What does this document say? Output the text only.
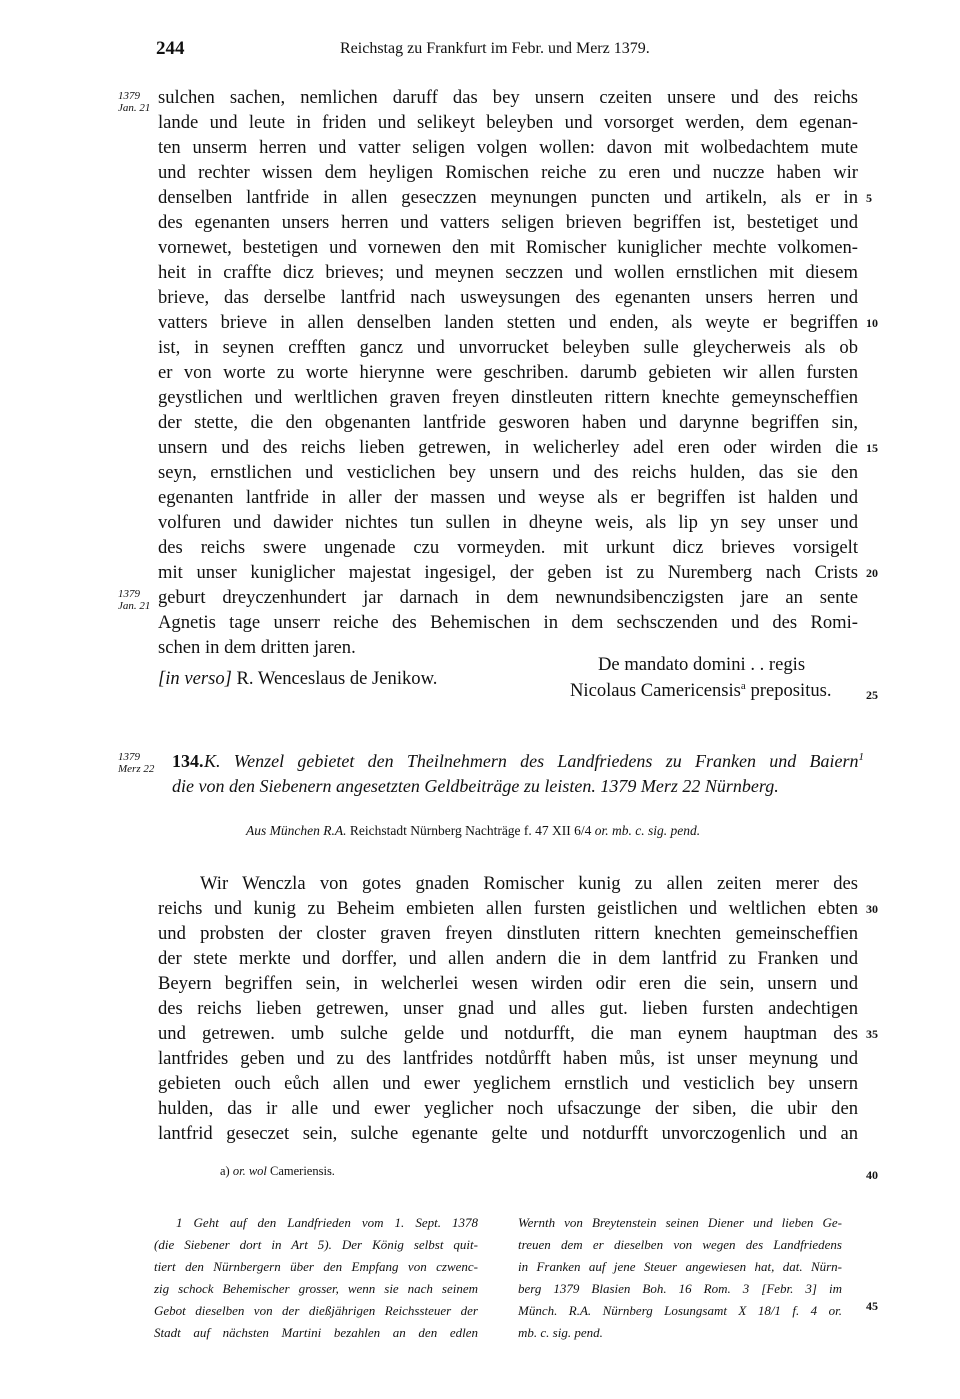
244	Reichstag zu Frankfurt im Febr. und Merz 1379.
1379
Jan. 21
1379
Jan. 21
1379
Merz 22
sulchen sachen, nemlichen daruff das bey unsern czeiten unsere und des reichs
lande und leute in friden und selikeyt beleyben und vorsorget werden, dem egenan-
ten unserm herren und vatter seligen volgen wollen: davon mit wolbedachtem mute
und rechter wissen dem heyligen Romischen reiche zu eren und nuczze haben wir
denselben lantfride in allen geseczzen meynungen puncten und artikeln, als er in
des egenanten unsers herren und vatters seligen brieven begriffen ist, bestetiget und
vornewet, bestetigen und vornewen den mit Romischer kuniglicher mechte volkomen-
heit in craffte dicz brieves; und meynen seczzen und wollen ernstlichen mit diesem
brieve, das derselbe lantfrid nach usweysungen des egenanten unsers herren und
vatters brieve in allen denselben landen stetten und enden, als weyte er begriffen
ist, in seynen crefften gancz und unvorrucket beleyben sulle gleycherweis als ob
er von worte zu worte hierynne were geschriben. darumb gebieten wir allen fursten
geystlichen und werltlichen graven freyen dinstleuten rittern knechte gemeynscheffien
der stette, die den obgenanten lantfride gesworen haben und darynne begriffen sin,
unsern und des reichs lieben getrewen, in welicherley adel eren oder wirden die
seyn, ernstlichen und vesticlichen bey unsern und des reichs hulden, das sie den
egenanten lantfride in aller der massen und weyse als er begriffen ist halden und
volfuren und dawider nichtes tun sullen in dheyne weis, als lip yn sey unser und
des reichs swere ungenade czu vormeyden. mit urkunt dicz brieves vorsigelt
mit unser kuniglicher majestat ingesigel, der geben ist zu Nuremberg nach Crists
geburt dreyczenhundert jar darnach in dem newnundsibenczigsten jare an sente
Agnetis tage unserr reiche des Behemischen in dem sechsczenden und des Romi-
schen in dem dritten jaren.
[in verso] R. Wenceslaus de Jenikow.
De mandato domini . . regis
Nicolaus Camericensis$^a$ prepositus.
134. K. Wenzel gebietet den Theilnehmern des Landfriedens zu Franken und Baiern$^1$
die von den Siebenern angesetzten Geldbeiträge zu leisten. 1379 Merz 22 Nürnberg.
Aus München R.A. Reichstadt Nürnberg Nachträge f. 47 XII 6/4 or. mb. c. sig. pend.
Wir Wenczla von gotes gnaden Romischer kunig zu allen zeiten merer des
reichs und kunig zu Beheim embieten allen fursten geistlichen und weltlichen ebten
und probsten der closter graven freyen dinstluten rittern knechten gemeinscheffien
der stete merkte und dorffer, und allen andern die in dem lantfrid zu Franken und
Beyern begriffen sein, in welcherlei wesen wirden odir eren die sein, unsern und
des reichs lieben getrewen, unser gnad und alles gut. lieben fursten andechtigen
und getrewen. umb sulche gelde und notdurfft, die man eynem hauptman des
lantfrides geben und zu des lantfrides notdůrfft haben můs, ist unser meynung und
gebieten ouch eůch allen und ewer yeglichem ernstlich und vesticlich bey unsern
hulden, das ir alle und ewer yeglicher noch ufsaczunge der siben, die ubir den
lantfrid geseczet sein, sulche egenante gelte und notdurfft unvorczogenlich und an
5
10
15
20
25
30
35
40
45
a) or. wol Cameriensis.
1 Geht auf den Landfrieden vom 1. Sept. 1378
(die Siebener dort in Art 5). Der König selbst quit-
tiert den Nürnbergern über den Empfang von czwenc-
zig schock Behemischer grosser, wenn sie nach seinem
Gebot dieselben von der dießjährigen Reichssteuer der
Stadt auf nächsten Martini bezahlen an den edlen
Wernth von Breytenstein seinen Diener und lieben Ge-
treuen dem er dieselben von wegen des Landfriedens
in Franken auf jene Steuer angewiesen hat, dat. Nürn-
berg 1379 Blasien Boh. 16 Rom. 3 [Febr. 3] im
Münch. R.A. Nürnberg Losungsamt X 18/1 f. 4 or.
mb. c. sig. pend.
